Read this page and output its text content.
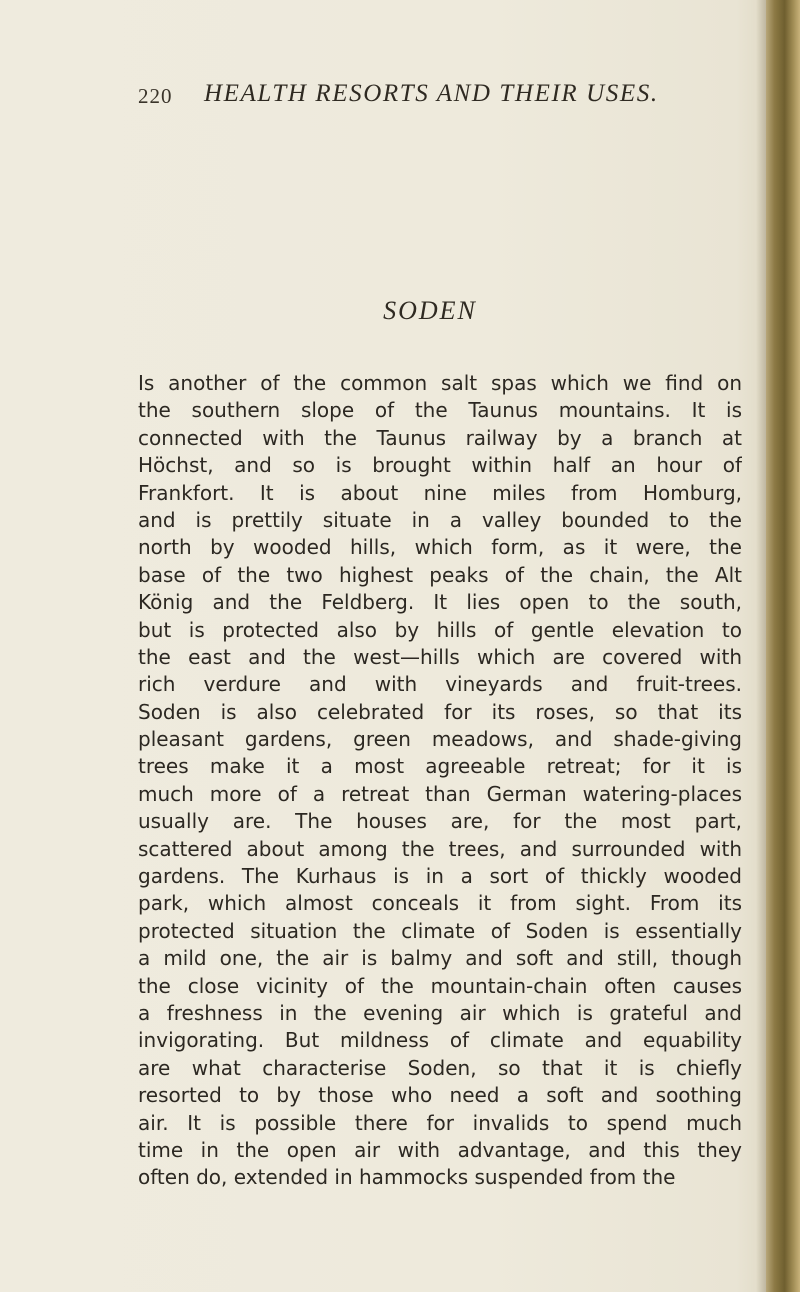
220 HEALTH RESORTS AND THEIR USES.
SODEN
Is another of the common salt spas which we find on
the southern slope of the Taunus mountains. It is
connected with the Taunus railway by a branch at
Höchst, and so is brought within half an hour of
Frankfort. It is about nine miles from Homburg,
and is prettily situate in a valley bounded to the
north by wooded hills, which form, as it were, the
base of the two highest peaks of the chain, the Alt
König and the Feldberg. It lies open to the south,
but is protected also by hills of gentle elevation to
the east and the west—hills which are covered with
rich verdure and with vineyards and fruit-trees.
Soden is also celebrated for its roses, so that its
pleasant gardens, green meadows, and shade-giving
trees make it a most agreeable retreat; for it is
much more of a retreat than German watering-places
usually are. The houses are, for the most part,
scattered about among the trees, and surrounded with
gardens. The Kurhaus is in a sort of thickly wooded
park, which almost conceals it from sight. From its
protected situation the climate of Soden is essentially
a mild one, the air is balmy and soft and still, though
the close vicinity of the mountain-chain often causes
a freshness in the evening air which is grateful and
invigorating. But mildness of climate and equability
are what characterise Soden, so that it is chiefly
resorted to by those who need a soft and soothing
air. It is possible there for invalids to spend much
time in the open air with advantage, and this they
often do, extended in hammocks suspended from the
